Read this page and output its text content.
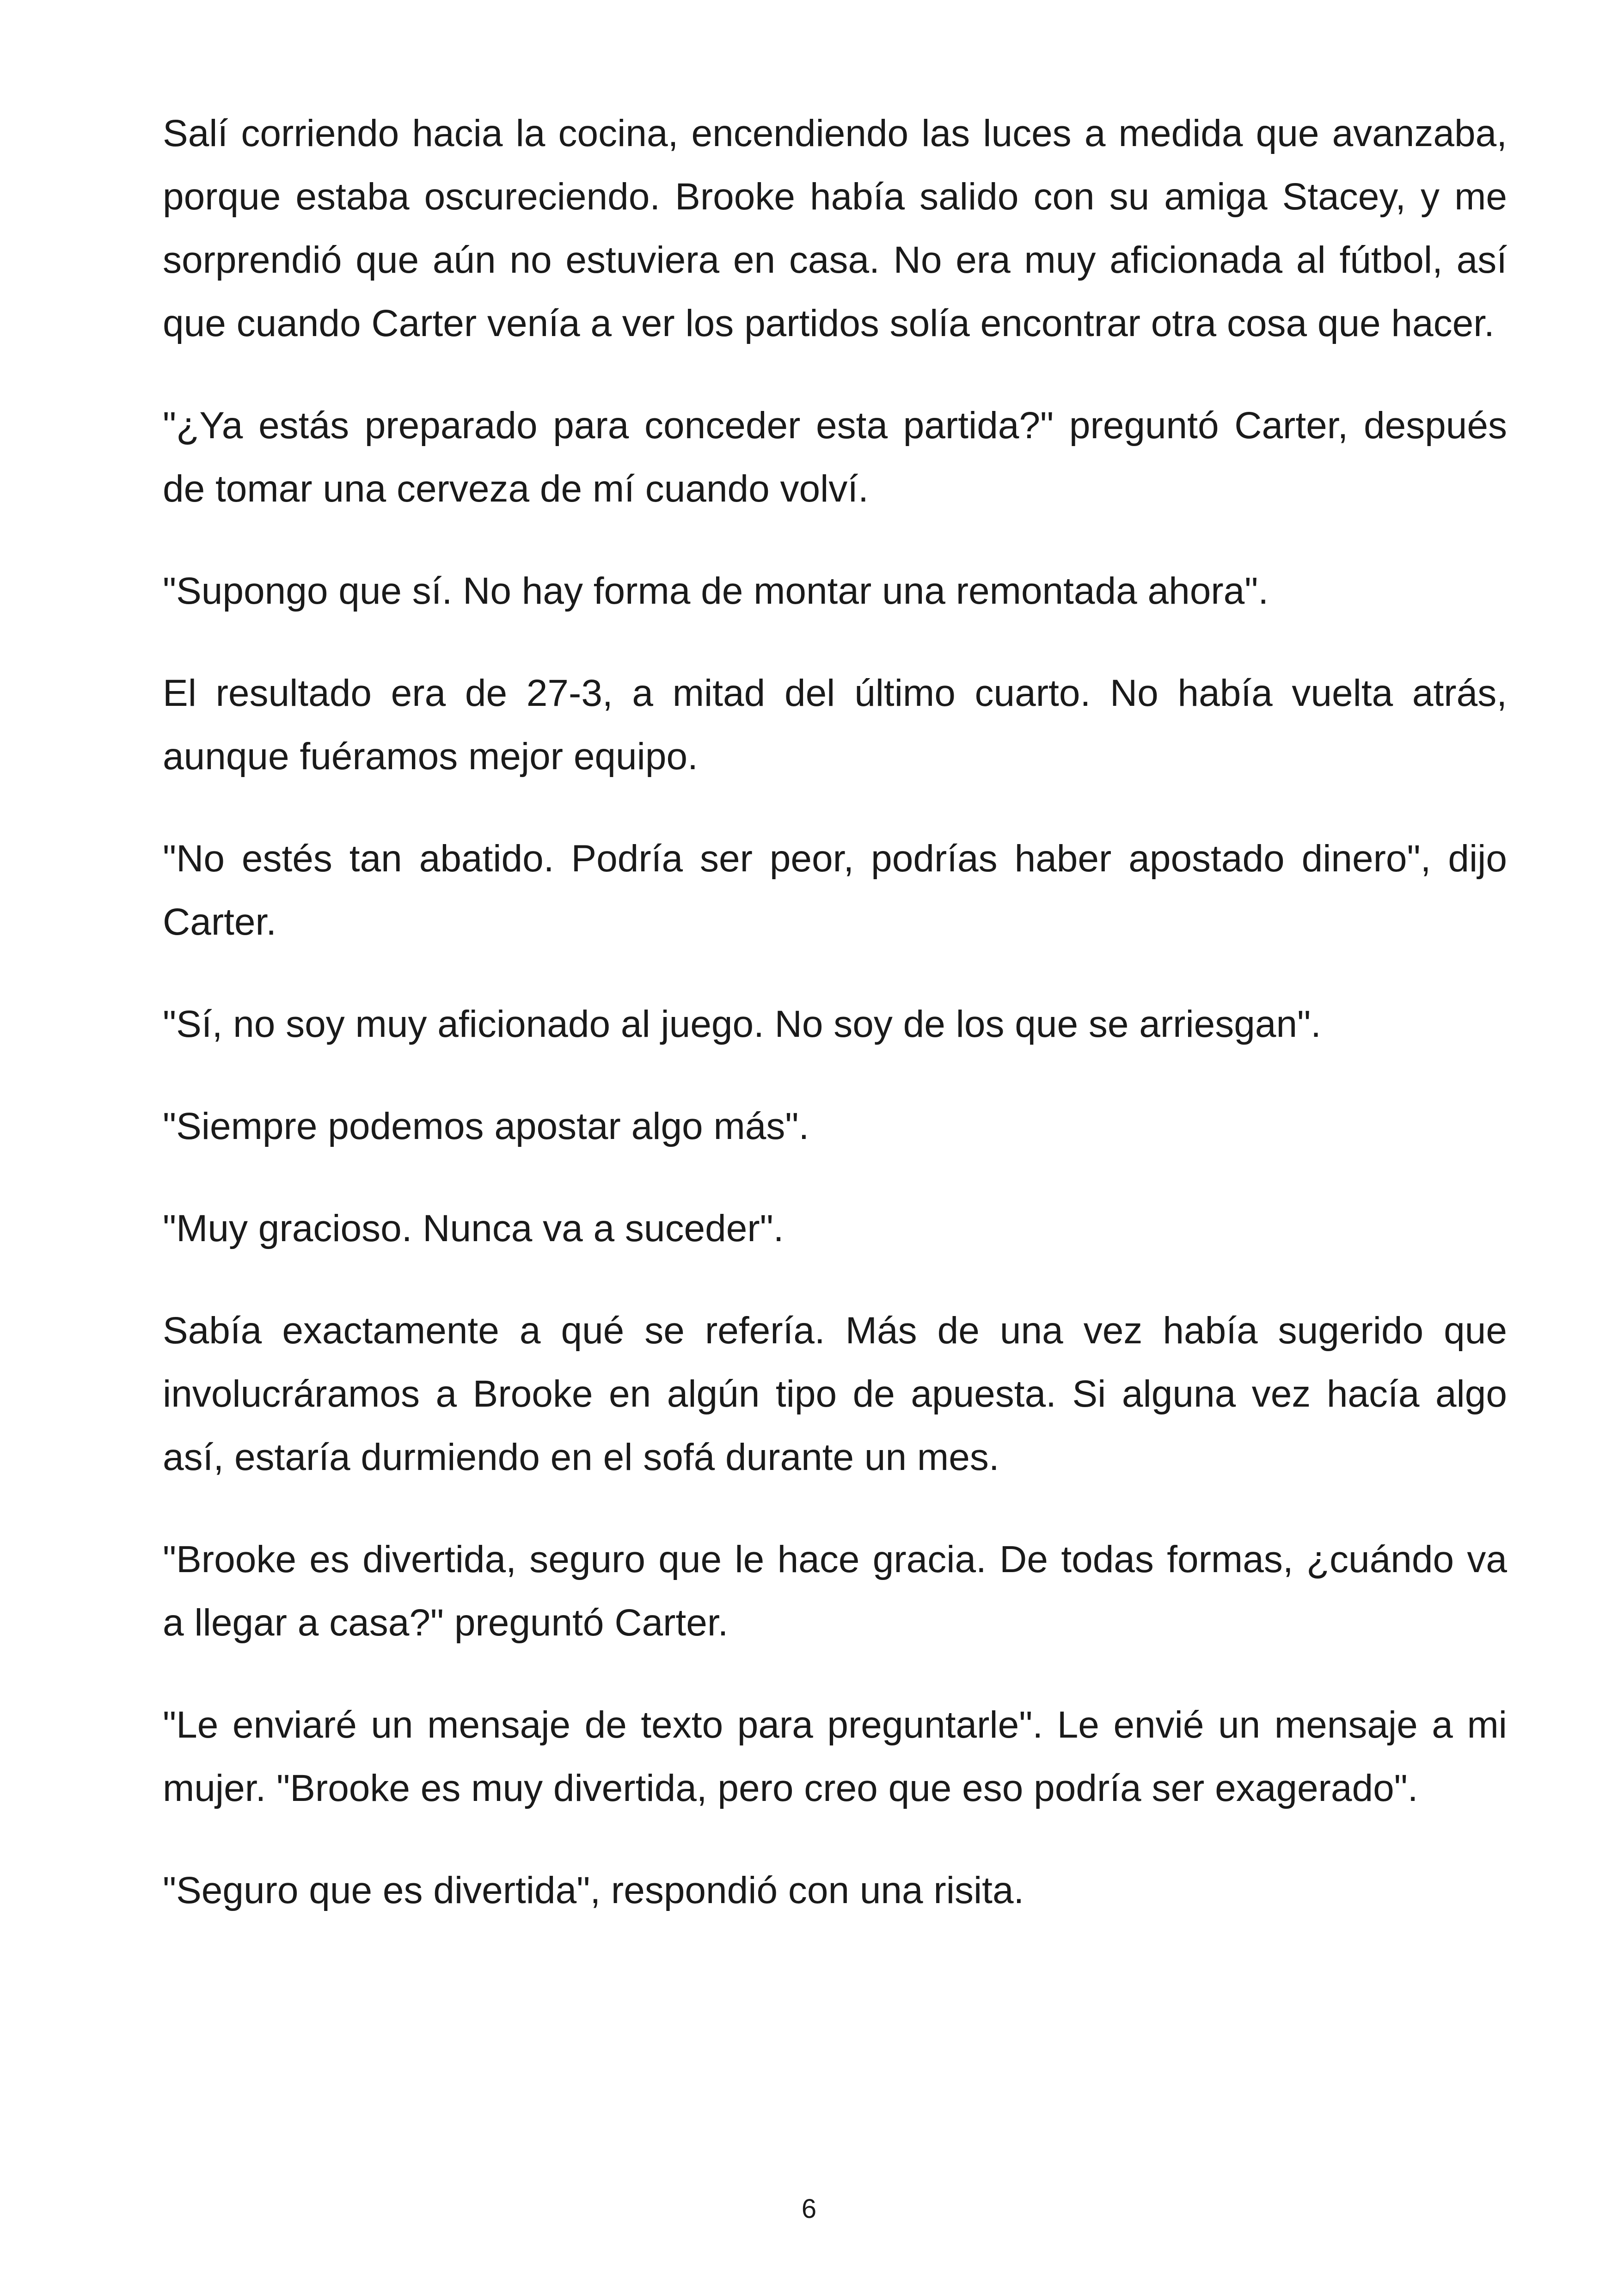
Salí corriendo hacia la cocina, encendiendo las luces a medida que avanzaba, porque estaba oscureciendo. Brooke había salido con su amiga Stacey, y me sorprendió que aún no estuviera en casa. No era muy aficionada al fútbol, así que cuando Carter venía a ver los partidos solía encontrar otra cosa que hacer.

"¿Ya estás preparado para conceder esta partida?" preguntó Carter, después de tomar una cerveza de mí cuando volví.

"Supongo que sí. No hay forma de montar una remontada ahora".

El resultado era de 27-3, a mitad del último cuarto. No había vuelta atrás, aunque fuéramos mejor equipo.

"No estés tan abatido. Podría ser peor, podrías haber apostado dinero", dijo Carter.

"Sí, no soy muy aficionado al juego. No soy de los que se arriesgan".

"Siempre podemos apostar algo más".

"Muy gracioso. Nunca va a suceder".

Sabía exactamente a qué se refería. Más de una vez había sugerido que involucráramos a Brooke en algún tipo de apuesta. Si alguna vez hacía algo así, estaría durmiendo en el sofá durante un mes.

"Brooke es divertida, seguro que le hace gracia. De todas formas, ¿cuándo va a llegar a casa?" preguntó Carter.

"Le enviaré un mensaje de texto para preguntarle". Le envié un mensaje a mi mujer. "Brooke es muy divertida, pero creo que eso podría ser exagerado".

"Seguro que es divertida", respondió con una risita.

6
